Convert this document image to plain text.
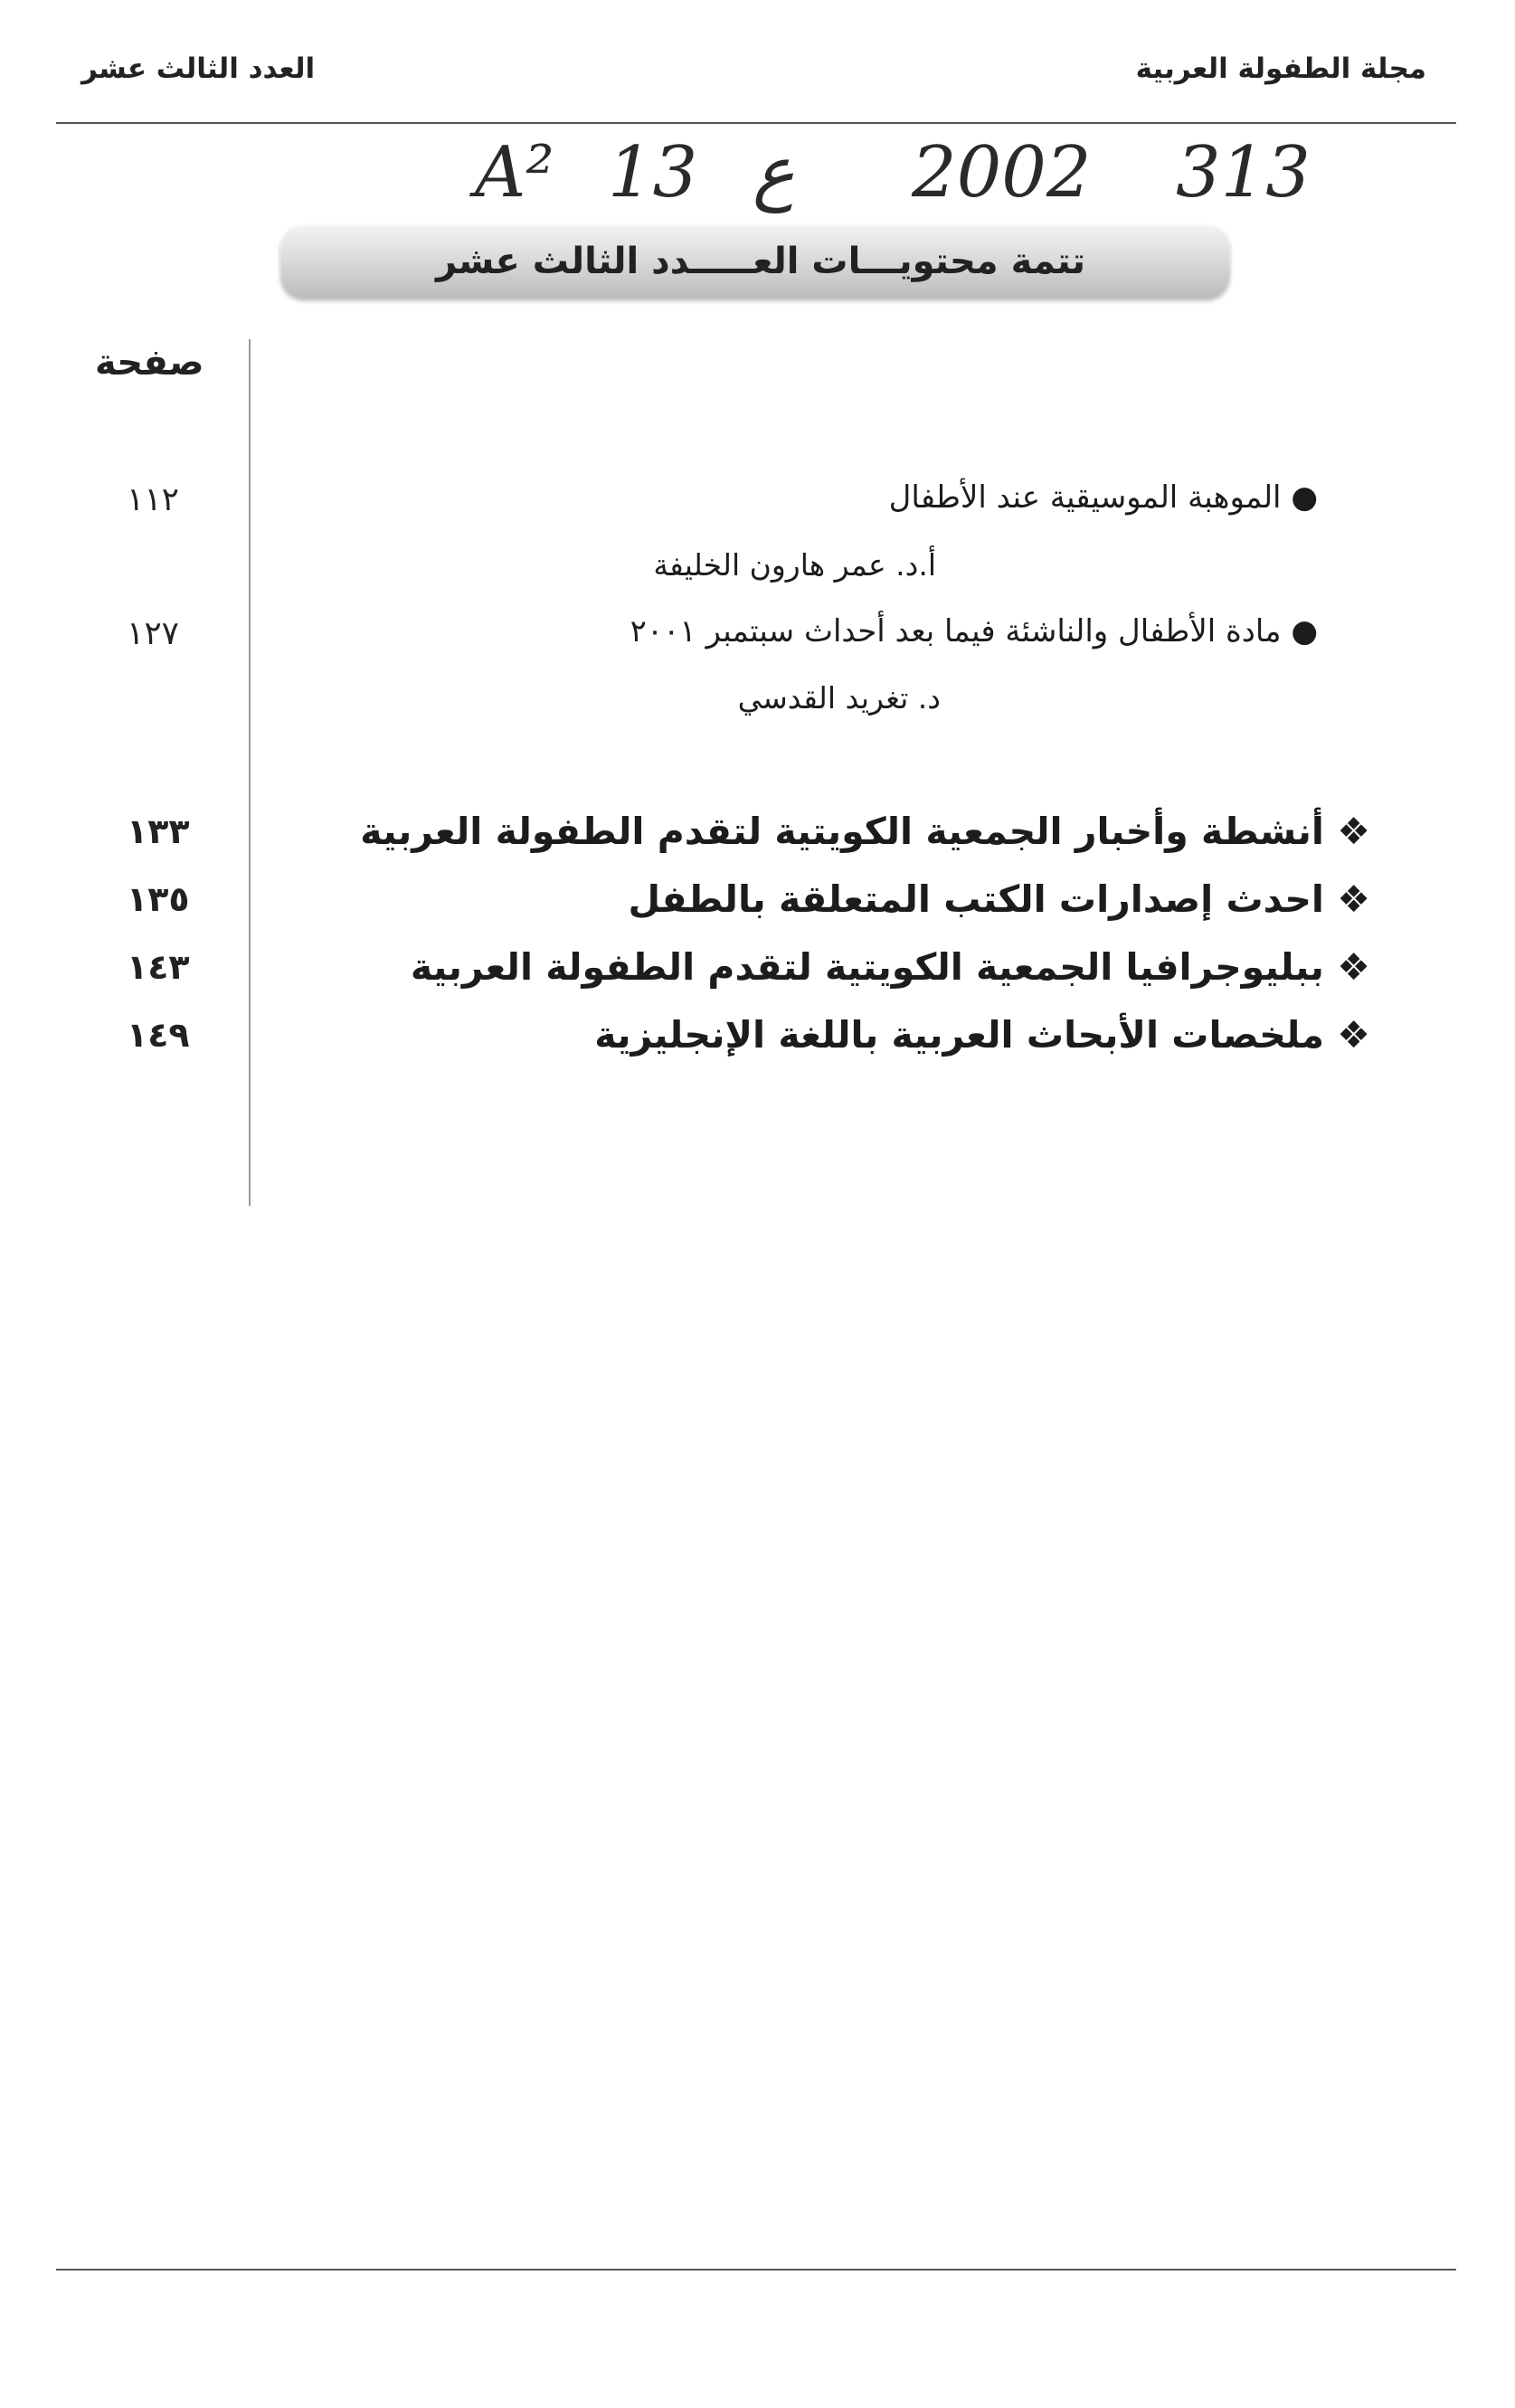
مجلة الطفولة العربية
العدد الثالث عشر
A² 13 ع 2002 313
تتمة محتويـــات العـــــدد الثالث عشر
صفحة
● الموهبة الموسيقية عند الأطفال
١١٢
أ.د. عمر هارون الخليفة
● مادة الأطفال والناشئة فيما بعد أحداث سبتمبر ٢٠٠١
١٢٧
د. تغريد القدسي
❖ أنشطة وأخبار الجمعية الكويتية لتقدم الطفولة العربية
١٣٣
❖ احدث إصدارات الكتب المتعلقة بالطفل
١٣٥
❖ ببليوجرافيا الجمعية الكويتية لتقدم الطفولة العربية
١٤٣
❖ ملخصات الأبحاث العربية باللغة الإنجليزية
١٤٩
